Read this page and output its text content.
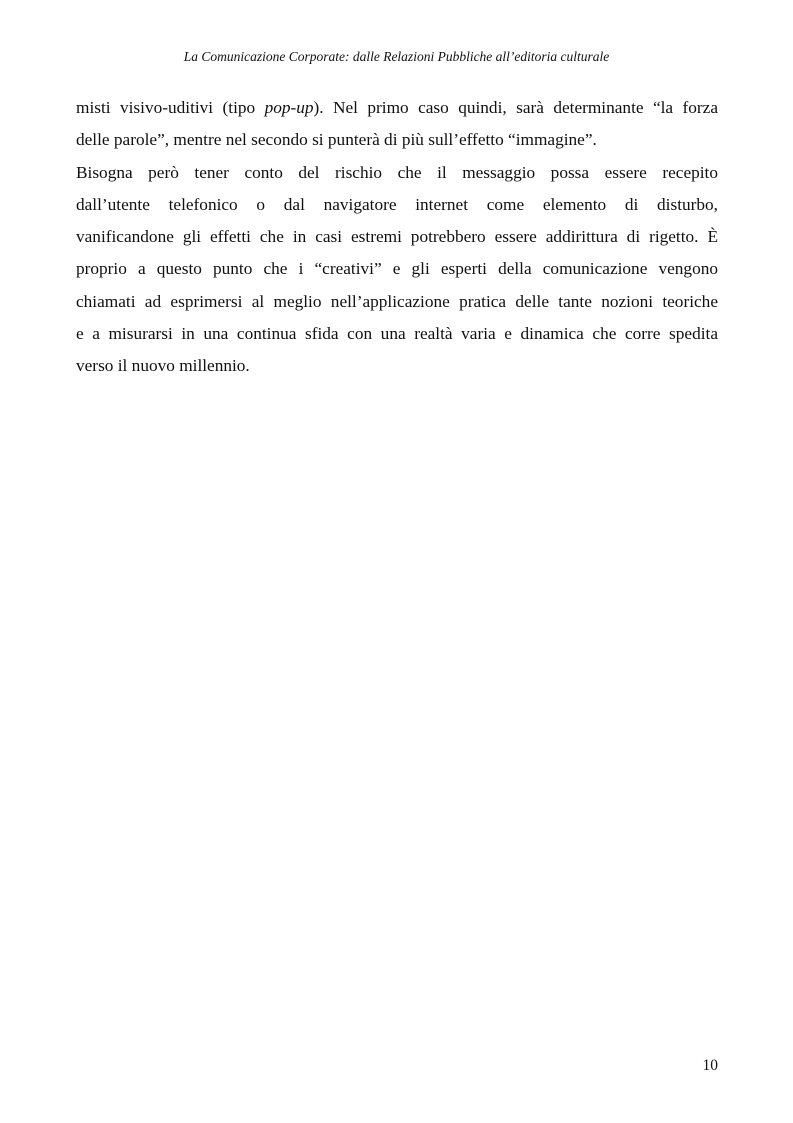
La Comunicazione Corporate: dalle Relazioni Pubbliche all’editoria culturale
misti visivo-uditivi (tipo pop-up). Nel primo caso quindi, sarà determinante “la forza
delle parole”, mentre nel secondo si punterà di più sull’effetto “immagine”.
Bisogna però tener conto del rischio che il messaggio possa essere recepito
dall’utente telefonico o dal navigatore internet come elemento di disturbo,
vanificandone gli effetti che in casi estremi potrebbero essere addirittura di rigetto. È
proprio a questo punto che i “creativi” e gli esperti della comunicazione vengono
chiamati ad esprimersi al meglio nell’applicazione pratica delle tante nozioni teoriche
e a misurarsi in una continua sfida con una realtà varia e dinamica che corre spedita
verso il nuovo millennio.
10
